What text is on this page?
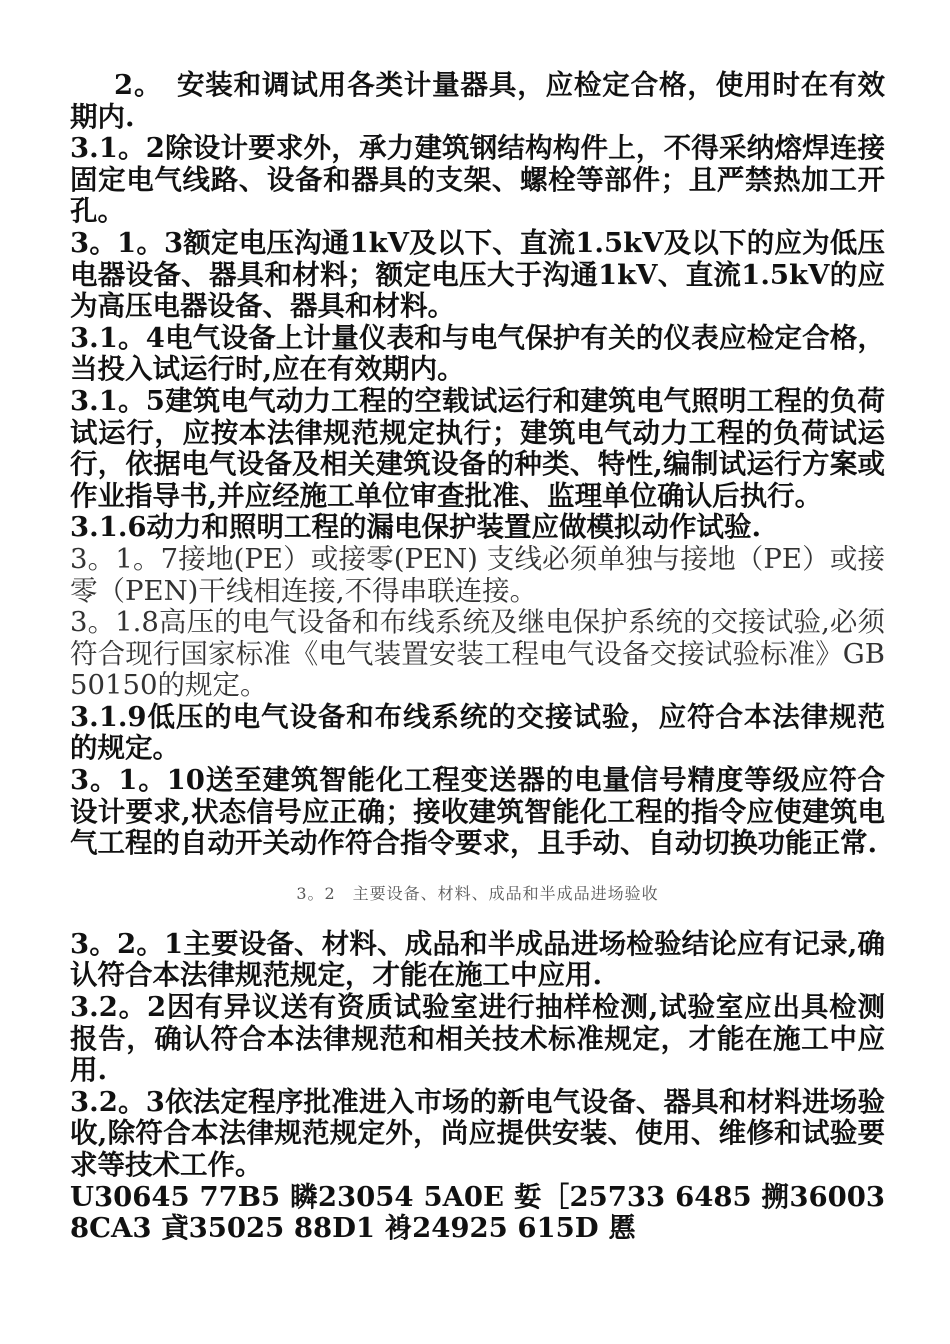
2。　安装和调试用各类计量器具，应检定合格，使用时在有效期内.

3.1。2除设计要求外，承力建筑钢结构构件上，不得采纳熔焊连接固定电气线路、设备和器具的支架、螺栓等部件；且严禁热加工开孔。

3。1。3额定电压沟通1kV及以下、直流1.5kV及以下的应为低压电器设备、器具和材料；额定电压大于沟通1kV、直流1.5kV的应为高压电器设备、器具和材料。

3.1。4电气设备上计量仪表和与电气保护有关的仪表应检定合格，当投入试运行时,应在有效期内。

3.1。5建筑电气动力工程的空载试运行和建筑电气照明工程的负荷试运行，应按本法律规范规定执行；建筑电气动力工程的负荷试运行，依据电气设备及相关建筑设备的种类、特性,编制试运行方案或作业指导书,并应经施工单位审查批准、监理单位确认后执行。

3.1.6动力和照明工程的漏电保护装置应做模拟动作试验.

3。1。7接地(PE）或接零(PEN) 支线必须单独与接地（PE）或接零（PEN)干线相连接,不得串联连接。

3。1.8高压的电气设备和布线系统及继电保护系统的交接试验,必须符合现行国家标准《电气装置安装工程电气设备交接试验标准》GB50150的规定。

3.1.9低压的电气设备和布线系统的交接试验，应符合本法律规范的规定。

3。1。10送至建筑智能化工程变送器的电量信号精度等级应符合设计要求,状态信号应正确；接收建筑智能化工程的指令应使建筑电气工程的自动开关动作符合指令要求，且手动、自动切换功能正常.

3。2　主要设备、材料、成品和半成品进场验收

3。2。1主要设备、材料、成品和半成品进场检验结论应有记录,确认符合本法律规范规定，才能在施工中应用.

3.2。2因有异议送有资质试验室进行抽样检测,试验室应出具检测报告，确认符合本法律规范和相关技术标准规定，才能在施工中应用.

3.2。3依法定程序批准进入市场的新电气设备、器具和材料进场验收,除符合本法律规范规定外，尚应提供安装、使用、维修和试验要求等技术工作。

U30645 77B5 瞵23054 5A0E 娎［25733 6485 搠36003 8CA3 貣35025 88D1 裑24925 615D 慝
